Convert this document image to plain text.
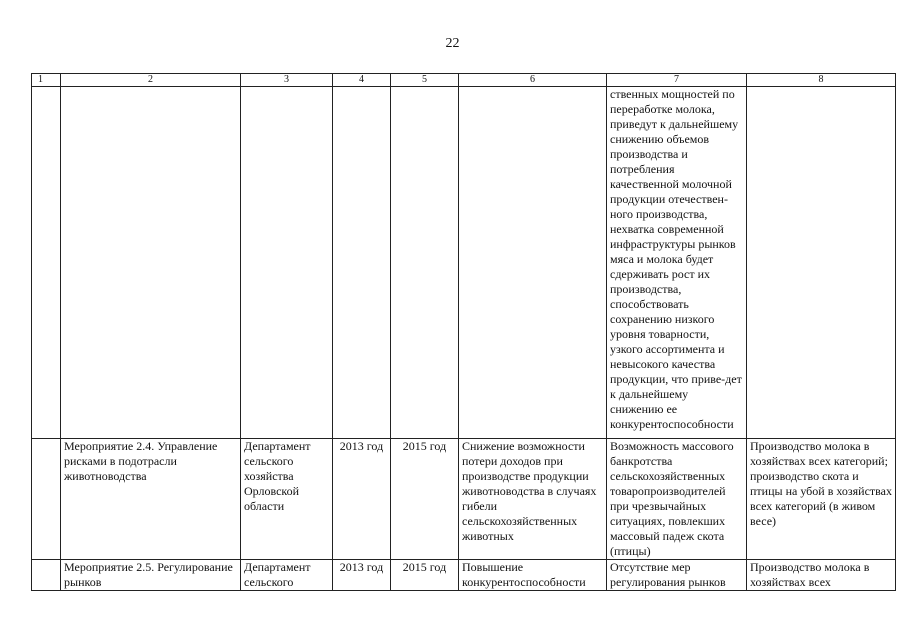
22
1	2	3	4	5	6	7	8
						ственных мощностей по переработке молока, приведут к дальнейшему снижению объемов производства и потребления качественной молочной продукции отечествен-ного производства, нехватка современной инфраструктуры рынков мяса и молока будет сдерживать рост их производства, способствовать сохранению низкого уровня товарности, узкого ассортимента и невысокого качества продукции, что приве-дет к дальнейшему снижению ее конкурентоспособности	
	Мероприятие 2.4. Управление рисками в подотрасли животноводства	Департамент сельского хозяйства Орловской области	2013 год	2015 год	Снижение возможности потери доходов при производстве продукции животноводства в случаях гибели сельскохозяйственных животных	Возможность массового банкротства сельскохозяйственных товаропроизводителей при чрезвычайных ситуациях, повлекших массовый падеж скота (птицы)	Производство молока в хозяйствах всех категорий; производство скота и птицы на убой в хозяйствах всех категорий (в живом весе)
	Мероприятие 2.5. Регулирование рынков	Департамент сельского	2013 год	2015 год	Повышение конкурентоспособности	Отсутствие мер регулирования рынков	Производство молока в хозяйствах всех
